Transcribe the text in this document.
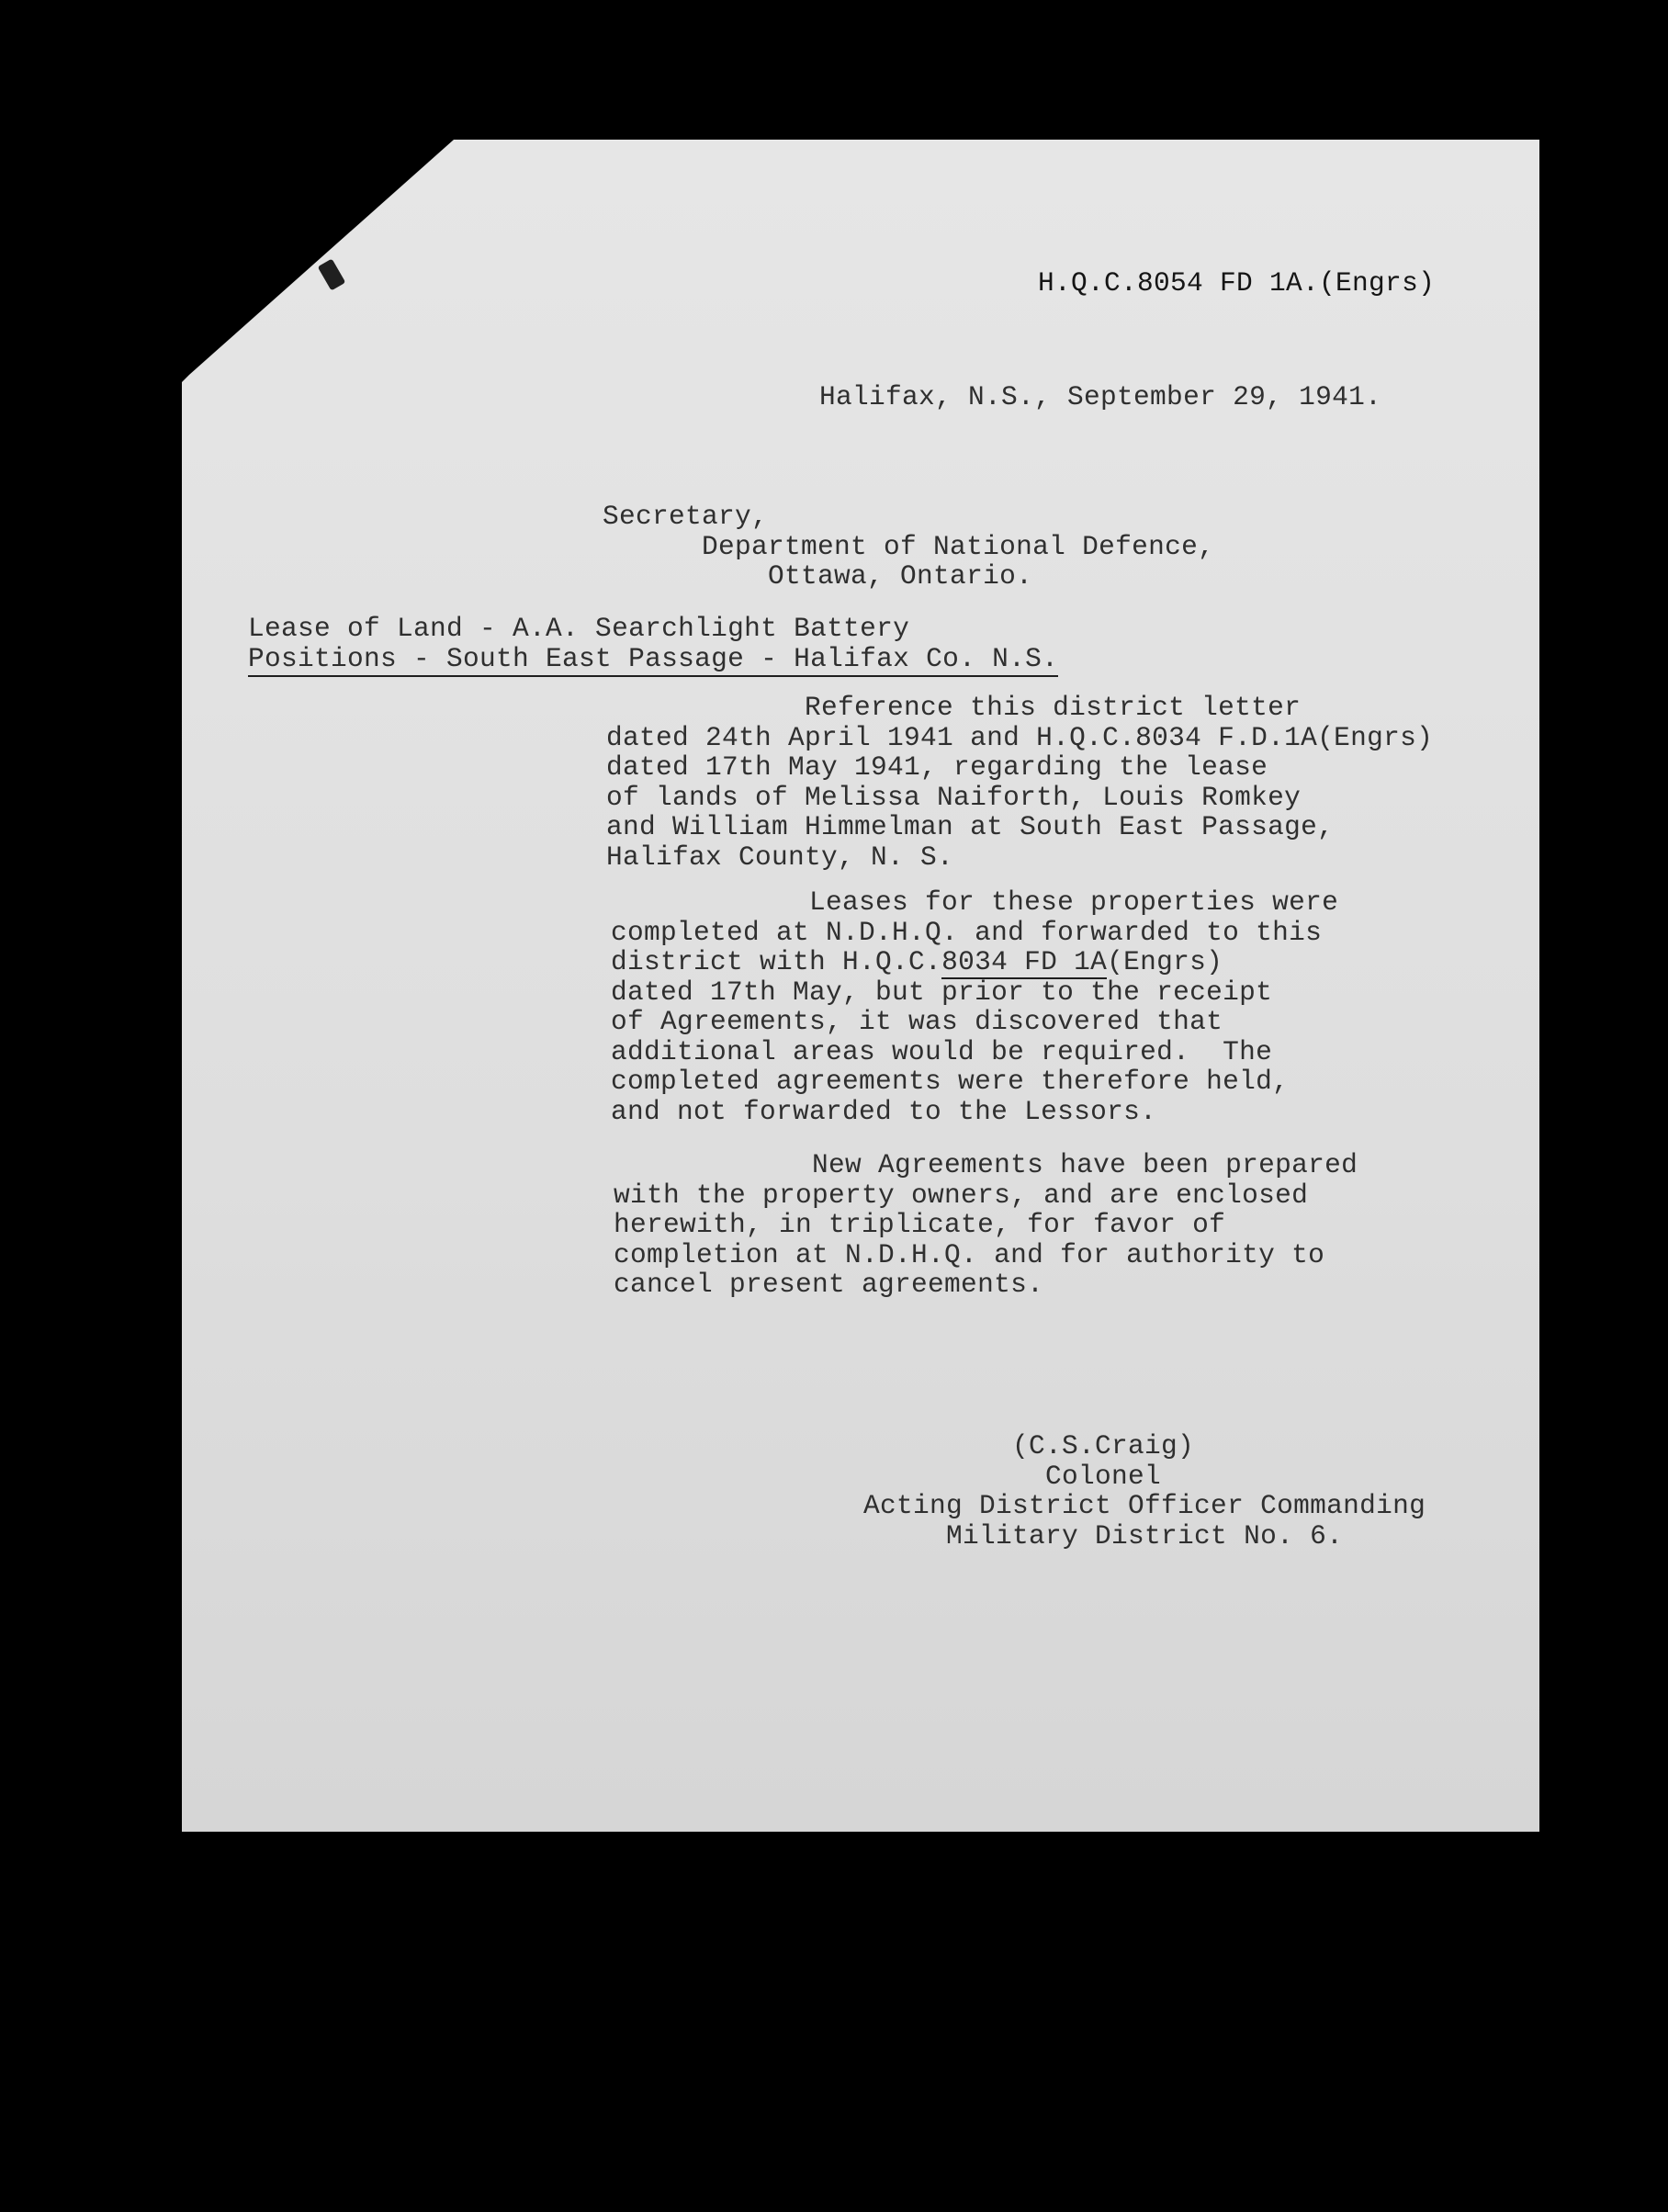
H.Q.C.8054 FD 1A.(Engrs)
Halifax, N.S., September 29, 1941.
Secretary,
Department of National Defence,
Ottawa, Ontario.
Lease of Land - A.A. Searchlight Battery
Positions - South East Passage - Halifax Co. N.S.
Reference this district letter
dated 24th April 1941 and H.Q.C.8034 F.D.1A(Engrs)
dated 17th May 1941, regarding the lease
of lands of Melissa Naiforth, Louis Romkey
and William Himmelman at South East Passage,
Halifax County, N. S.
Leases for these properties were
completed at N.D.H.Q. and forwarded to this
district with H.Q.C.8034 FD 1A(Engrs)
dated 17th May, but prior to the receipt
of Agreements, it was discovered that
additional areas would be required.  The
completed agreements were therefore held,
and not forwarded to the Lessors.
New Agreements have been prepared
with the property owners, and are enclosed
herewith, in triplicate, for favor of
completion at N.D.H.Q. and for authority to
cancel present agreements.
(C.S.Craig)
Colonel
Acting District Officer Commanding
Military District No. 6.
